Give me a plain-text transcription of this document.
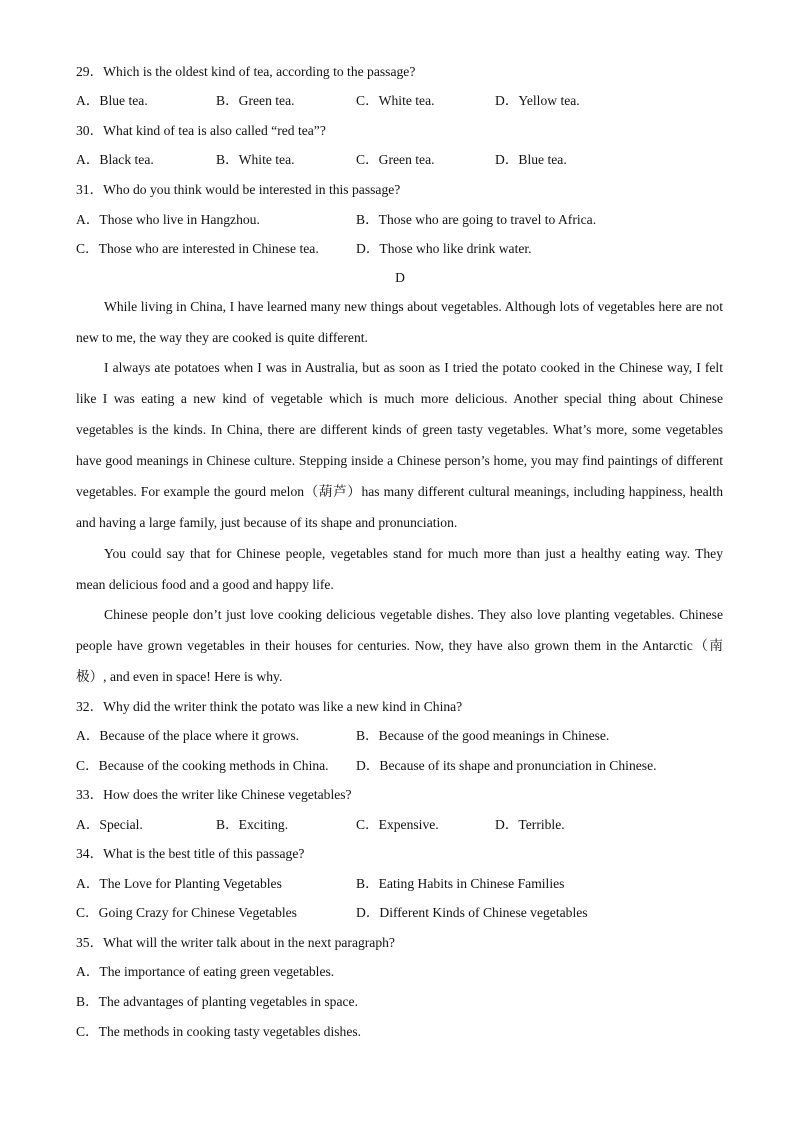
29．Which is the oldest kind of tea, according to the passage?
A．Blue tea.	B．Green tea.	C．White tea.	D．Yellow tea.
30．What kind of tea is also called “red tea”?
A．Black tea.	B．White tea.	C．Green tea.	D．Blue tea.
31．Who do you think would be interested in this passage?
A．Those who live in Hangzhou.	B．Those who are going to travel to Africa.
C．Those who are interested in Chinese tea.	D．Those who like drink water.
D
While living in China, I have learned many new things about vegetables. Although lots of vegetables here are not new to me, the way they are cooked is quite different.
I always ate potatoes when I was in Australia, but as soon as I tried the potato cooked in the Chinese way, I felt like I was eating a new kind of vegetable which is much more delicious. Another special thing about Chinese vegetables is the kinds. In China, there are different kinds of green tasty vegetables. What’s more, some vegetables have good meanings in Chinese culture. Stepping inside a Chinese person’s home, you may find paintings of different vegetables. For example the gourd melon（葫芦）has many different cultural meanings, including happiness, health and having a large family, just because of its shape and pronunciation.
You could say that for Chinese people, vegetables stand for much more than just a healthy eating way. They mean delicious food and a good and happy life.
Chinese people don’t just love cooking delicious vegetable dishes. They also love planting vegetables. Chinese people have grown vegetables in their houses for centuries. Now, they have also grown them in the Antarctic（南极）, and even in space! Here is why.
32．Why did the writer think the potato was like a new kind in China?
A．Because of the place where it grows.	B．Because of the good meanings in Chinese.
C．Because of the cooking methods in China. D．Because of its shape and pronunciation in Chinese.
33．How does the writer like Chinese vegetables?
A．Special.	B．Exciting.	C．Expensive.	D．Terrible.
34．What is the best title of this passage?
A．The Love for Planting Vegetables	B．Eating Habits in Chinese Families
C．Going Crazy for Chinese Vegetables	D．Different Kinds of Chinese vegetables
35．What will the writer talk about in the next paragraph?
A．The importance of eating green vegetables.
B．The advantages of planting vegetables in space.
C．The methods in cooking tasty vegetables dishes.
